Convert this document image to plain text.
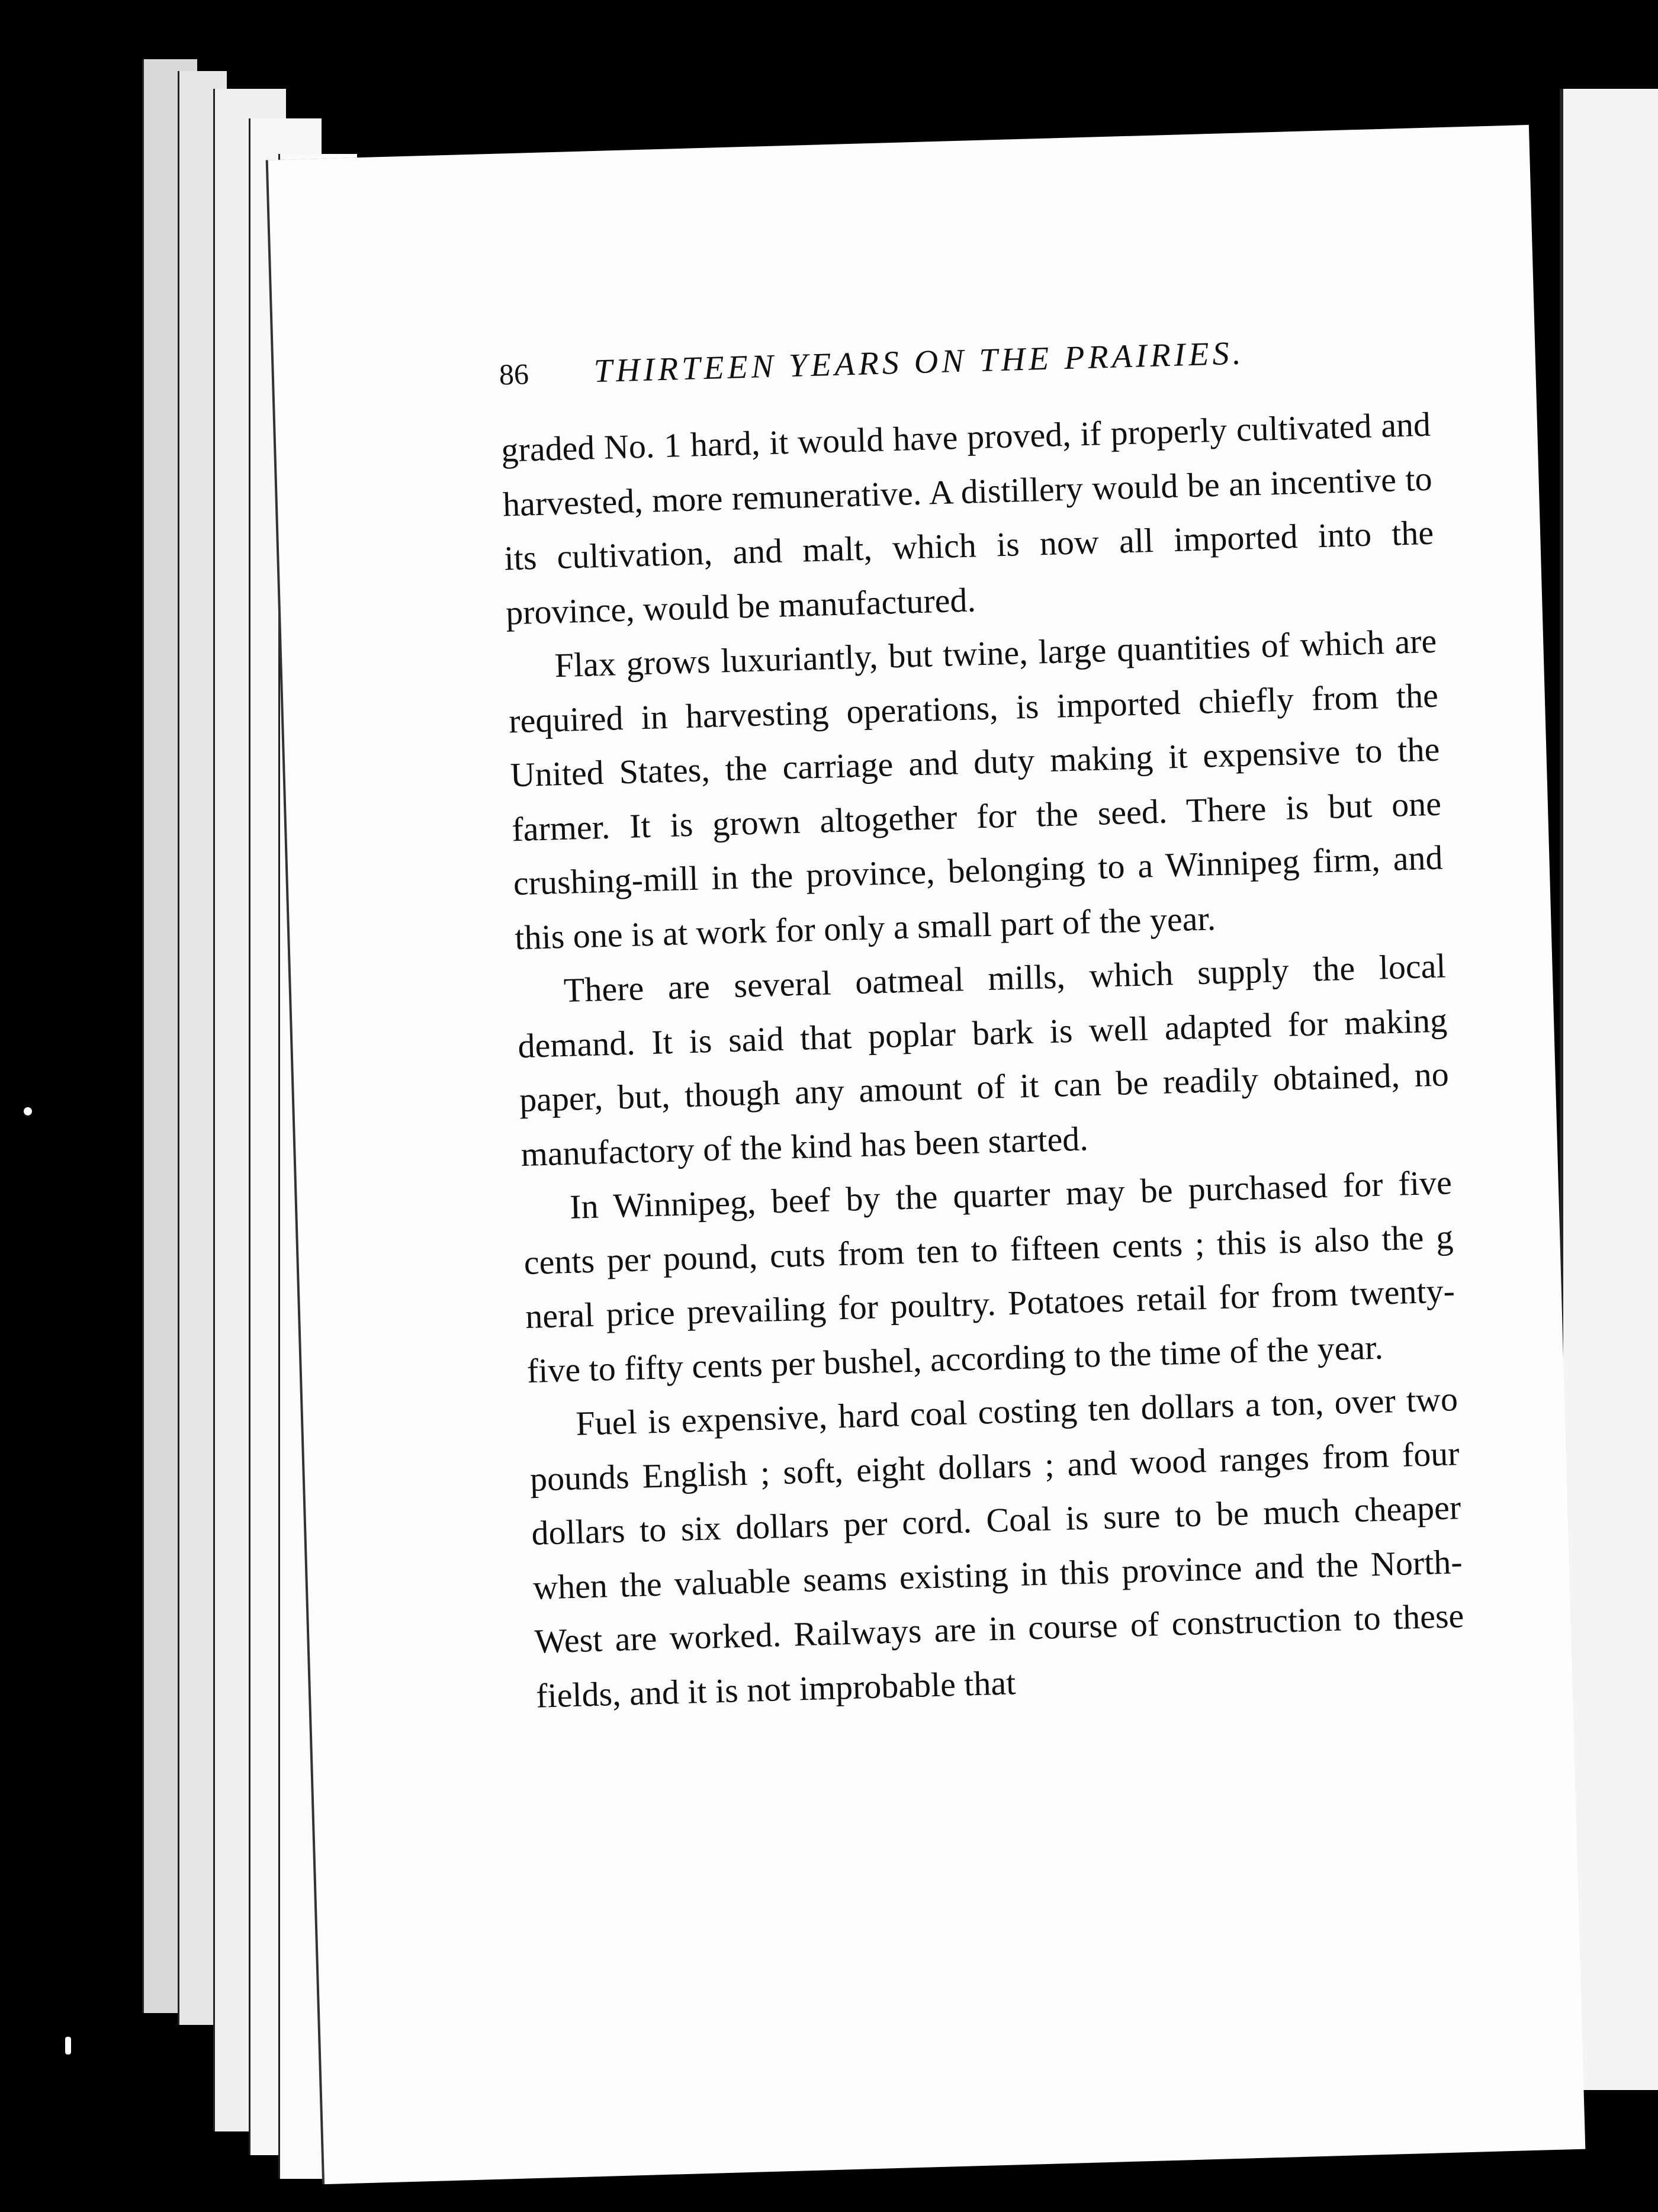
86	THIRTEEN YEARS ON THE PRAIRIES.

graded No. 1 hard, it would have proved, if properly cultivated and harvested, more remunerative. A distillery would be an incentive to its cultivation, and malt, which is now all imported into the province, would be manufactured.

Flax grows luxuriantly, but twine, large quantities of which are required in harvesting operations, is imported chiefly from the United States, the carriage and duty making it expensive to the farmer. It is grown altogether for the seed. There is but one crushing-mill in the province, belonging to a Winnipeg firm, and this one is at work for only a small part of the year.

There are several oatmeal mills, which supply the local demand. It is said that poplar bark is well adapted for making paper, but, though any amount of it can be readily obtained, no manufactory of the kind has been started.

In Winnipeg, beef by the quarter may be purchased for five cents per pound, cuts from ten to fifteen cents ; this is also the g neral price prevailing for poultry. Potatoes retail for from twenty-five to fifty cents per bushel, according to the time of the year.

Fuel is expensive, hard coal costing ten dollars a ton, over two pounds English ; soft, eight dollars ; and wood ranges from four dollars to six dollars per cord. Coal is sure to be much cheaper when the valuable seams existing in this province and the North-West are worked. Railways are in course of construction to these fields, and it is not improbable that
